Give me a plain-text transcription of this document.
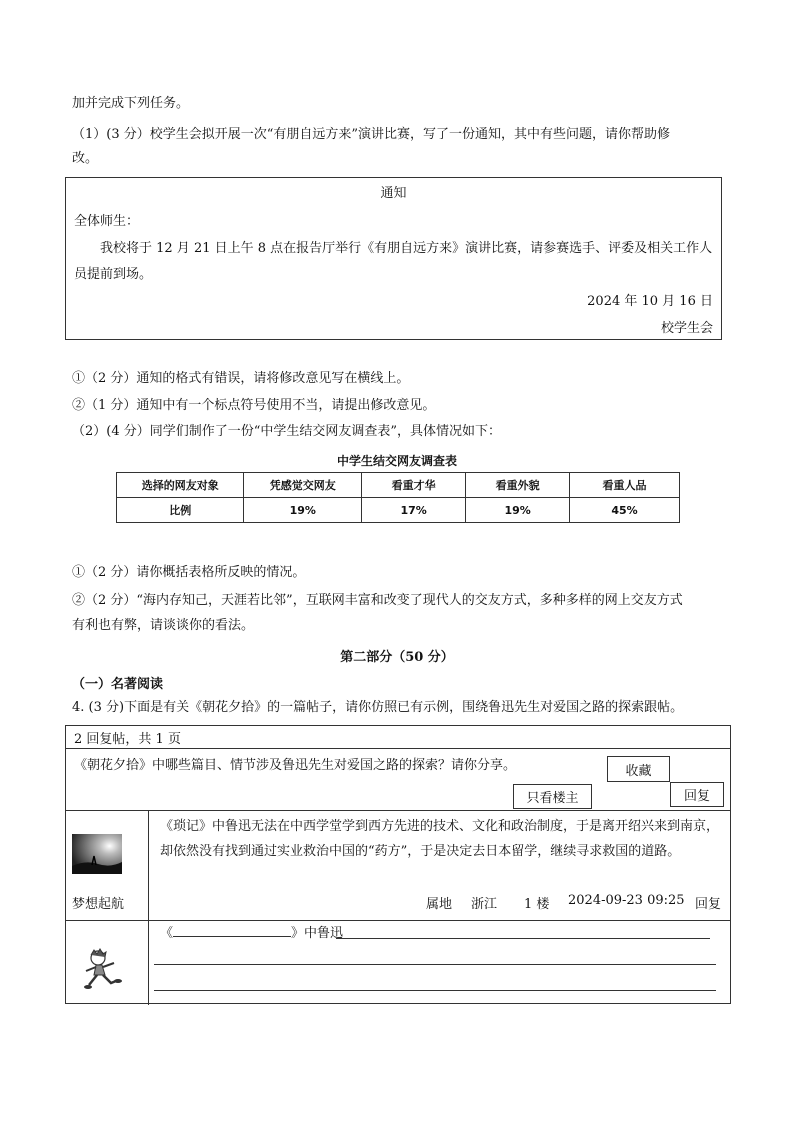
加并完成下列任务。
（1）(3 分）校学生会拟开展一次“有朋自远方来”演讲比赛，写了一份通知，其中有些问题，请你帮助修
改。
通知
全体师生：
我校将于 12 月 21 日上午 8 点在报告厅举行《有朋自远方来》演讲比赛，请参赛选手、评委及相关工作人员提前到场。
2024 年 10 月 16 日
校学生会
①（2 分）通知的格式有错误，请将修改意见写在横线上。
②（1 分）通知中有一个标点符号使用不当，请提出修改意见。
（2）(4 分）同学们制作了一份“中学生结交网友调查表”，具体情况如下：
中学生结交网友调查表
选择的网友对象	凭感觉交网友	看重才华	看重外貌	看重人品
比例	19%	17%	19%	45%
①（2 分）请你概括表格所反映的情况。
②（2 分）“海内存知己，天涯若比邻”，互联网丰富和改变了现代人的交友方式，多种多样的网上交友方式
有利也有弊，请谈谈你的看法。
第二部分（50 分）
（一）名著阅读
4. (3 分)下面是有关《朝花夕拾》的一篇帖子，请你仿照已有示例，围绕鲁迅先生对爱国之路的探索跟帖。
2 回复帖，共 1 页
《朝花夕拾》中哪些篇目、情节涉及鲁迅先生对爱国之路的探索？请你分享。	收藏
只看楼主	回复
梦想起航
《琐记》中鲁迅无法在中西学堂学到西方先进的技术、文化和政治制度，于是离开绍兴来到南京，却依然没有找到通过实业救治中国的“药方”，于是决定去日本留学，继续寻求救国的道路。
属地 浙江 1 楼 2024-09-23 09:25 回复
《	》中鲁迅
